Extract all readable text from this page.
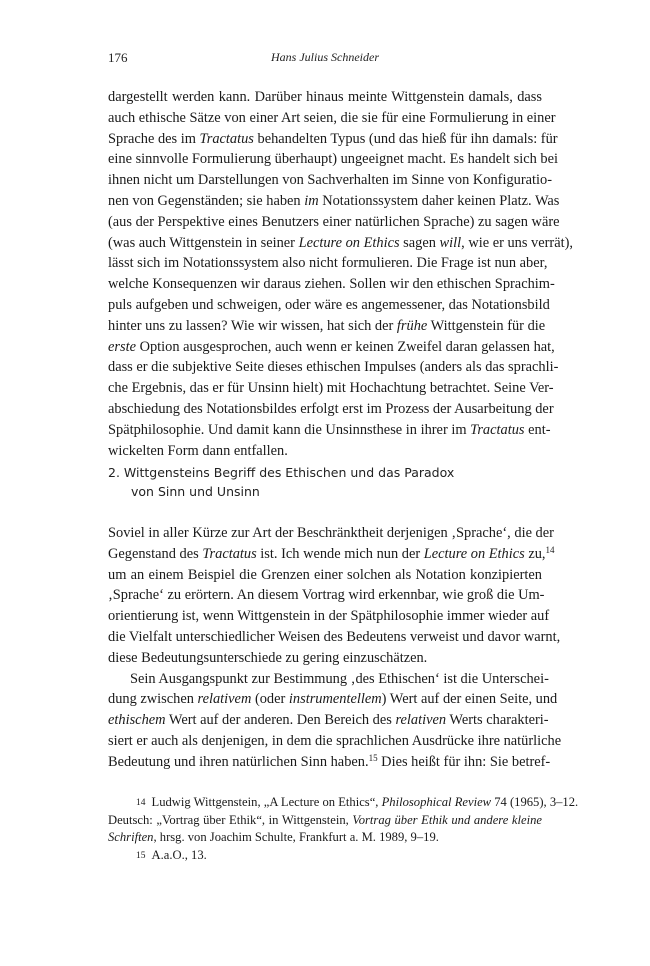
176	Hans Julius Schneider
dargestellt werden kann. Darüber hinaus meinte Wittgenstein damals, dass
auch ethische Sätze von einer Art seien, die sie für eine Formulierung in einer
Sprache des im Tractatus behandelten Typus (und das hieß für ihn damals: für
eine sinnvolle Formulierung überhaupt) ungeeignet macht. Es handelt sich bei
ihnen nicht um Darstellungen von Sachverhalten im Sinne von Konfiguratio-
nen von Gegenständen; sie haben im Notationssystem daher keinen Platz. Was
(aus der Perspektive eines Benutzers einer natürlichen Sprache) zu sagen wäre
(was auch Wittgenstein in seiner Lecture on Ethics sagen will, wie er uns verrät),
lässt sich im Notationssystem also nicht formulieren. Die Frage ist nun aber,
welche Konsequenzen wir daraus ziehen. Sollen wir den ethischen Sprachim-
puls aufgeben und schweigen, oder wäre es angemessener, das Notationsbild
hinter uns zu lassen? Wie wir wissen, hat sich der frühe Wittgenstein für die
erste Option ausgesprochen, auch wenn er keinen Zweifel daran gelassen hat,
dass er die subjektive Seite dieses ethischen Impulses (anders als das sprachli-
che Ergebnis, das er für Unsinn hielt) mit Hochachtung betrachtet. Seine Ver-
abschiedung des Notationsbildes erfolgt erst im Prozess der Ausarbeitung der
Spätphilosophie. Und damit kann die Unsinnsthese in ihrer im Tractatus ent-
wickelten Form dann entfallen.
2. Wittgensteins Begriff des Ethischen und das Paradox
von Sinn und Unsinn
Soviel in aller Kürze zur Art der Beschränktheit derjenigen ‚Sprache‘, die der
Gegenstand des Tractatus ist. Ich wende mich nun der Lecture on Ethics zu,$^{14}$
um an einem Beispiel die Grenzen einer solchen als Notation konzipierten
‚Sprache‘ zu erörtern. An diesem Vortrag wird erkennbar, wie groß die Um-
orientierung ist, wenn Wittgenstein in der Spätphilosophie immer wieder auf
die Vielfalt unterschiedlicher Weisen des Bedeutens verweist und davor warnt,
diese Bedeutungsunterschiede zu gering einzuschätzen.
Sein Ausgangspunkt zur Bestimmung ‚des Ethischen‘ ist die Unterschei-
dung zwischen relativem (oder instrumentellem) Wert auf der einen Seite, und
ethischem Wert auf der anderen. Den Bereich des relativen Werts charakteri-
siert er auch als denjenigen, in dem die sprachlichen Ausdrücke ihre natürliche
Bedeutung und ihren natürlichen Sinn haben.$^{15}$ Dies heißt für ihn: Sie betref-
14 Ludwig Wittgenstein, „A Lecture on Ethics“, Philosophical Review 74 (1965), 3–12.
Deutsch: „Vortrag über Ethik“, in Wittgenstein, Vortrag über Ethik und andere kleine
Schriften, hrsg. von Joachim Schulte, Frankfurt a. M. 1989, 9–19.
15 A.a.O., 13.
